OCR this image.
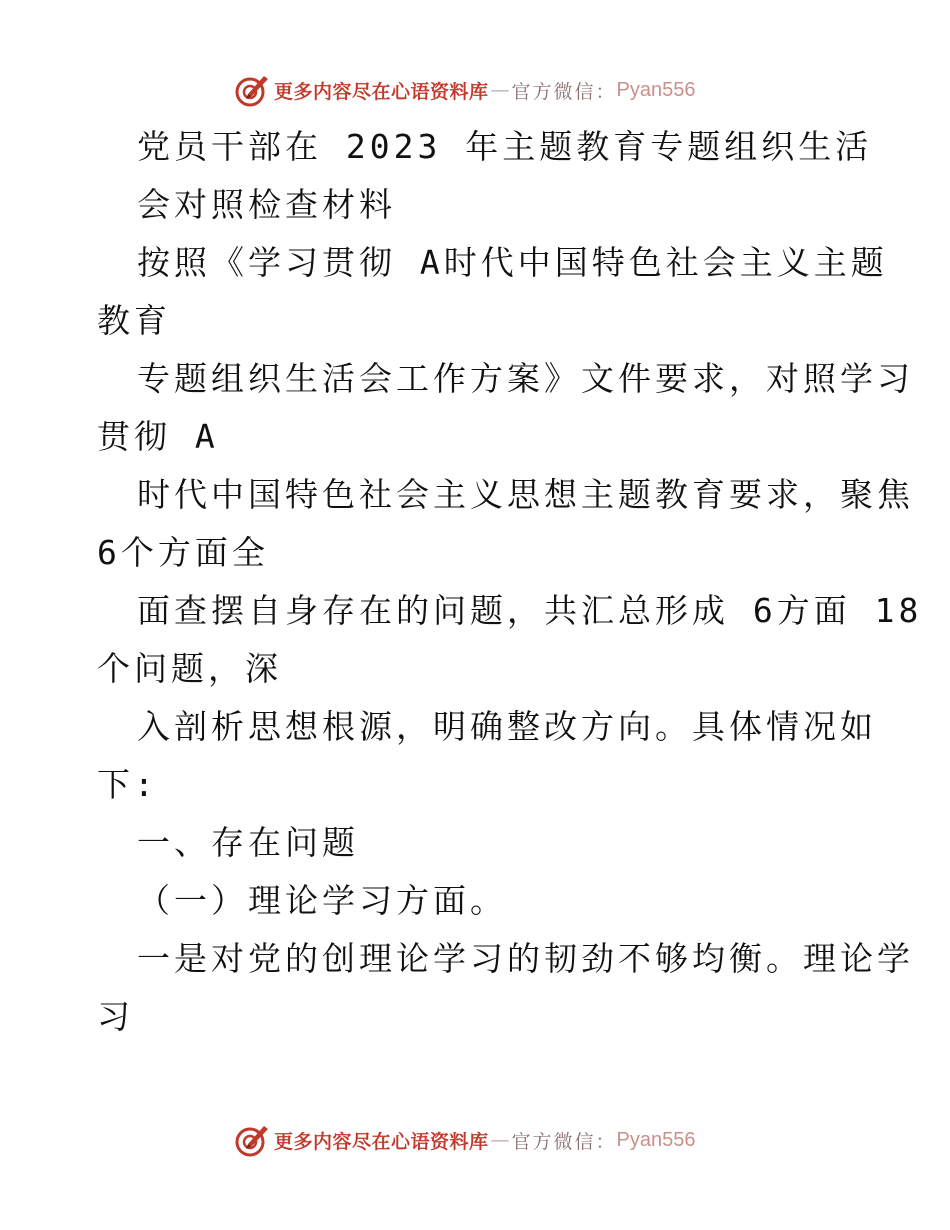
更多内容尽在心语资料库 — 官方微信： Pyan556
党员干部在 2023 年主题教育专题组织生活
会对照检查材料
按照《学习贯彻 A时代中国特色社会主义主题
教育
专题组织生活会工作方案》文件要求，对照学习
贯彻 A
时代中国特色社会主义思想主题教育要求，聚焦
6个方面全
面查摆自身存在的问题，共汇总形成 6方面 18
个问题，深
入剖析思想根源，明确整改方向。具体情况如
下:
一、存在问题
（一）理论学习方面。
一是对党的创理论学习的韧劲不够均衡。理论学
习
更多内容尽在心语资料库 — 官方微信： Pyan556
